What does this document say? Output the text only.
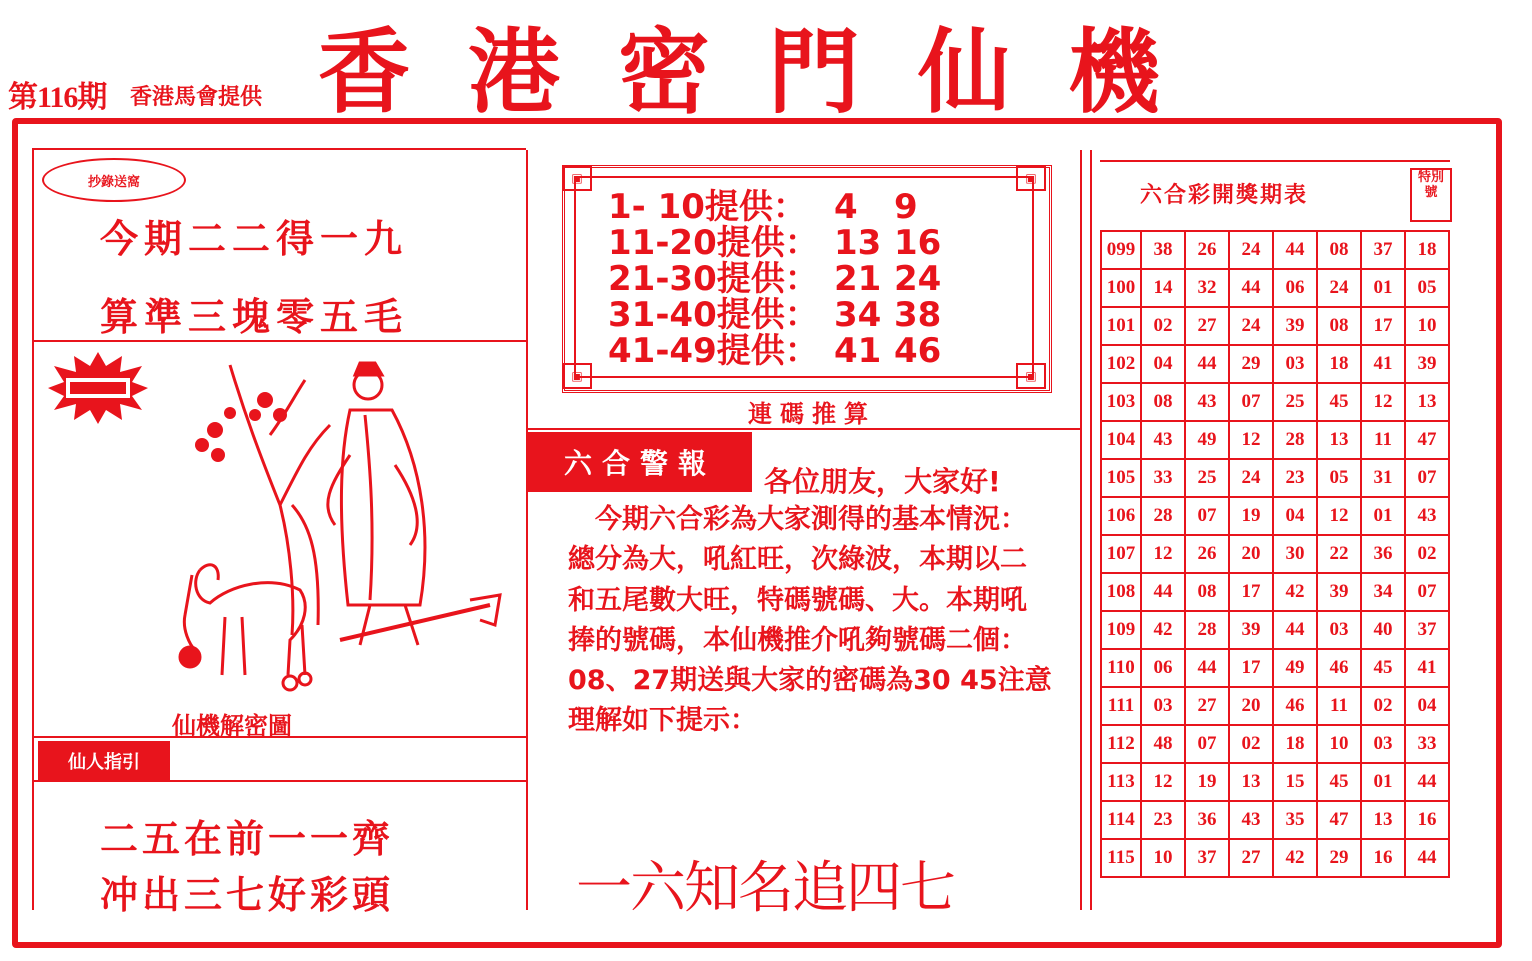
第116期 香港馬會提供 香港密門仙機
抄錄送窩
今期二二得一九
算準三塊零五毛
仙機解密圖
仙人指引
二五在前一一齊
冲出三七好彩頭
▣	▣
▣	▣
1- 10提供： 4 9
11-20提供： 13 16
21-30提供： 21 24
31-40提供： 34 38
41-49提供： 41 46
連碼推算
六合警報
各位朋友，大家好!
　今期六合彩為大家測得的基本情況：總分為大，吼紅旺，次綠波，本期以二和五尾數大旺，特碼號碼、大。本期吼捧的號碼，本仙機推介吼夠號碼二個：08、27期送與大家的密碼為30 45注意理解如下提示：
一六知名追四七
六合彩開獎期表
特別號
099	38	26	24	44	08	37	18
100	14	32	44	06	24	01	05
101	02	27	24	39	08	17	10
102	04	44	29	03	18	41	39
103	08	43	07	25	45	12	13
104	43	49	12	28	13	11	47
105	33	25	24	23	05	31	07
106	28	07	19	04	12	01	43
107	12	26	20	30	22	36	02
108	44	08	17	42	39	34	07
109	42	28	39	44	03	40	37
110	06	44	17	49	46	45	41
111	03	27	20	46	11	02	04
112	48	07	02	18	10	03	33
113	12	19	13	15	45	01	44
114	23	36	43	35	47	13	16
115	10	37	27	42	29	16	44
